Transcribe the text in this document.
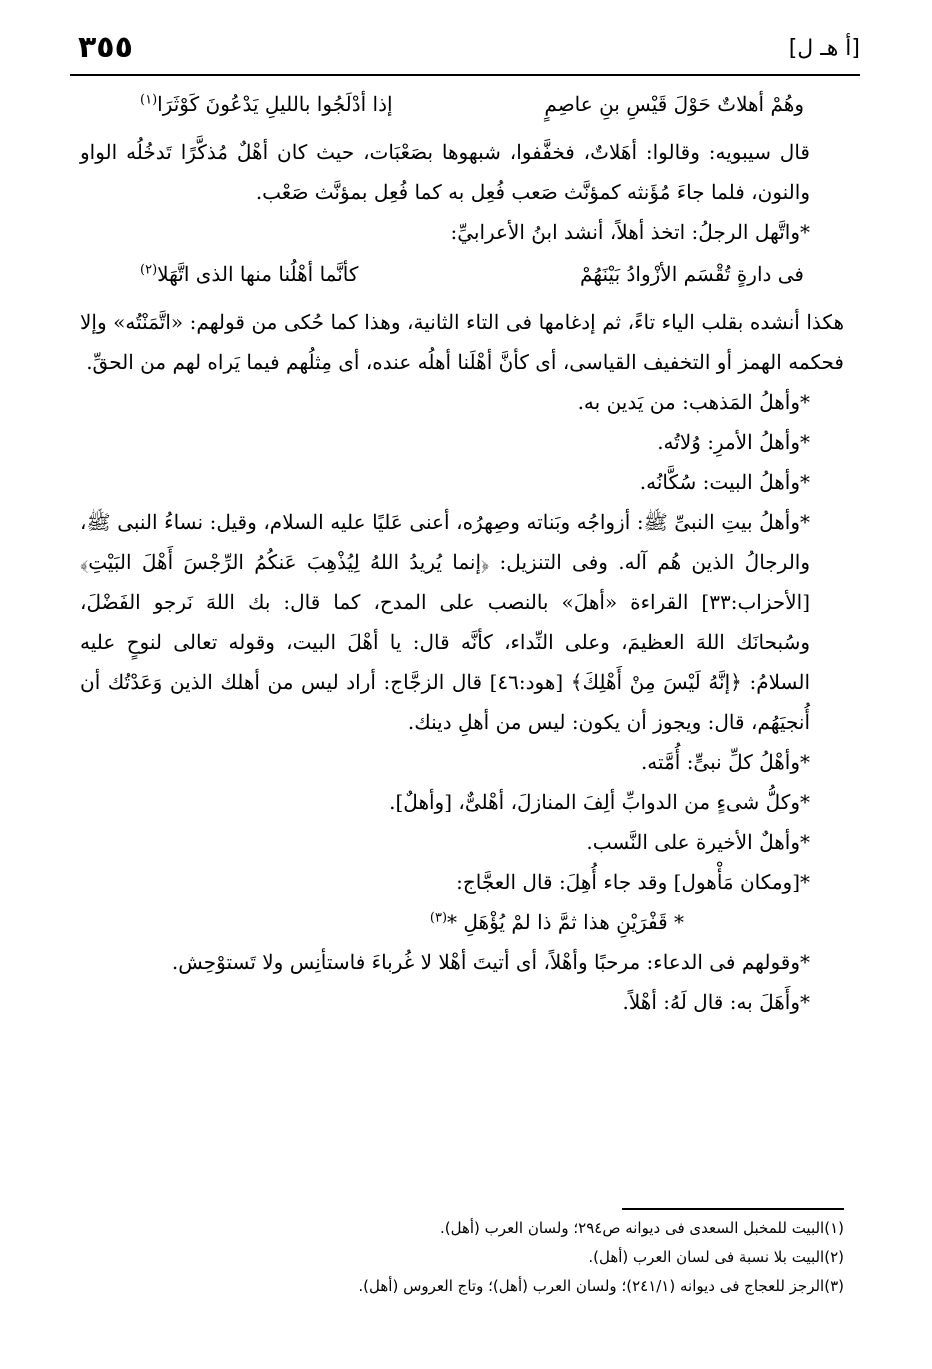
[أ هـ ل]
٣٥٥
وهُمْ أهلاتٌ حَوْلَ قَيْسِ بنِ عاصِمٍ
إذا أدْلَجُوا بالليلِ يَدْعُونَ كَوْثَرَا$^{(١)}$

قال سيبويه: وقالوا: أهَلاتٌ، فخفَّفوا، شبهوها بصَعْبَات، حيث كان أهْلٌ مُذكَّرًا تَدخُلُه الواو والنون، فلما جاءَ مُؤَنثه كمؤنَّث صَعب فُعِل به كما فُعِل بمؤنَّث صَعْب.

*واتَّهل الرجلُ: اتخذ أهلاً، أنشد ابنُ الأعرابيِّ:

فى دارةٍ تُقْسَم الأزْوادُ بَيْنَهُمْ
كأنَّما أهْلُنا منها الذى اتَّهَلا$^{(٢)}$

هكذا أنشده بقلب الياء تاءً، ثم إدغامها فى التاء الثانية، وهذا كما حُكى من قولهم: «اتَّمَنْتُه» وإلا فحكمه الهمز أو التخفيف القياسى، أى كأنَّ أهْلَنا أهلُه عنده، أى مِثلُهم فيما يَراه لهم من الحقِّ.

*وأهلُ المَذهب: من يَدين به.

*وأهلُ الأمرِ: وُلاتُه.

*وأهلُ البيت: سُكَّانُه.

*وأهلُ بيتِ النبىِّ ﷺ: أزواجُه وبَناته وصِهرُه، أعنى عَليًا عليه السلام، وقيل: نساءُ النبى ﷺ، والرجالُ الذين هُم آله. وفى التنزيل: ﴿إنما يُريدُ اللهُ لِيُذْهِبَ عَنكُمُ الرِّجْسَ أَهْلَ البَيْتِ﴾ [الأحزاب:٣٣] القراءة «أهلَ» بالنصب على المدح، كما قال: بك اللهَ نَرجو الفَضْلَ، وسُبحانَك اللهَ العظيمَ، وعلى النِّداء، كأنَّه قال: يا أهْلَ البيت، وقوله تعالى لنوحٍ عليه السلامُ: ﴿إنَّهُ لَيْسَ مِنْ أَهْلِكَ﴾ [هود:٤٦] قال الزجَّاج: أراد ليس من أهلك الذين وَعَدْتُك أن أُنجيَهُم، قال: ويجوز أن يكون: ليس من أهلِ دينك.

*وأهْلُ كلِّ نبىٍّ: أُمَّته.

*وكلُّ شىءٍ من الدوابِّ ألِفَ المنازلَ، أهْلىٌّ، [وأهلٌ].

*وأهلٌ الأخيرة على النَّسب.

*[ومكان مَأْهول] وقد جاء أُهِلَ: قال العجَّاج:

* قَفْرَيْنِ هذا ثمَّ ذا لمْ يُؤْهَلِ *$^{(٣)}$

*وقولهم فى الدعاء: مرحبًا وأهْلاً، أى أتيتَ أهْلا لا غُرباءَ فاستأنِس ولا تَستوْحِش.

*وأَهَلَ به: قال لَهُ: أهْلاً.

(١)البيت للمخبل السعدى فى ديوانه ص٢٩٤؛ ولسان العرب (أهل).

(٢)البيت بلا نسبة فى لسان العرب (أهل).

(٣)الرجز للعجاج فى ديوانه (٢٤١/١)؛ ولسان العرب (أهل)؛ وتاج العروس (أهل).
